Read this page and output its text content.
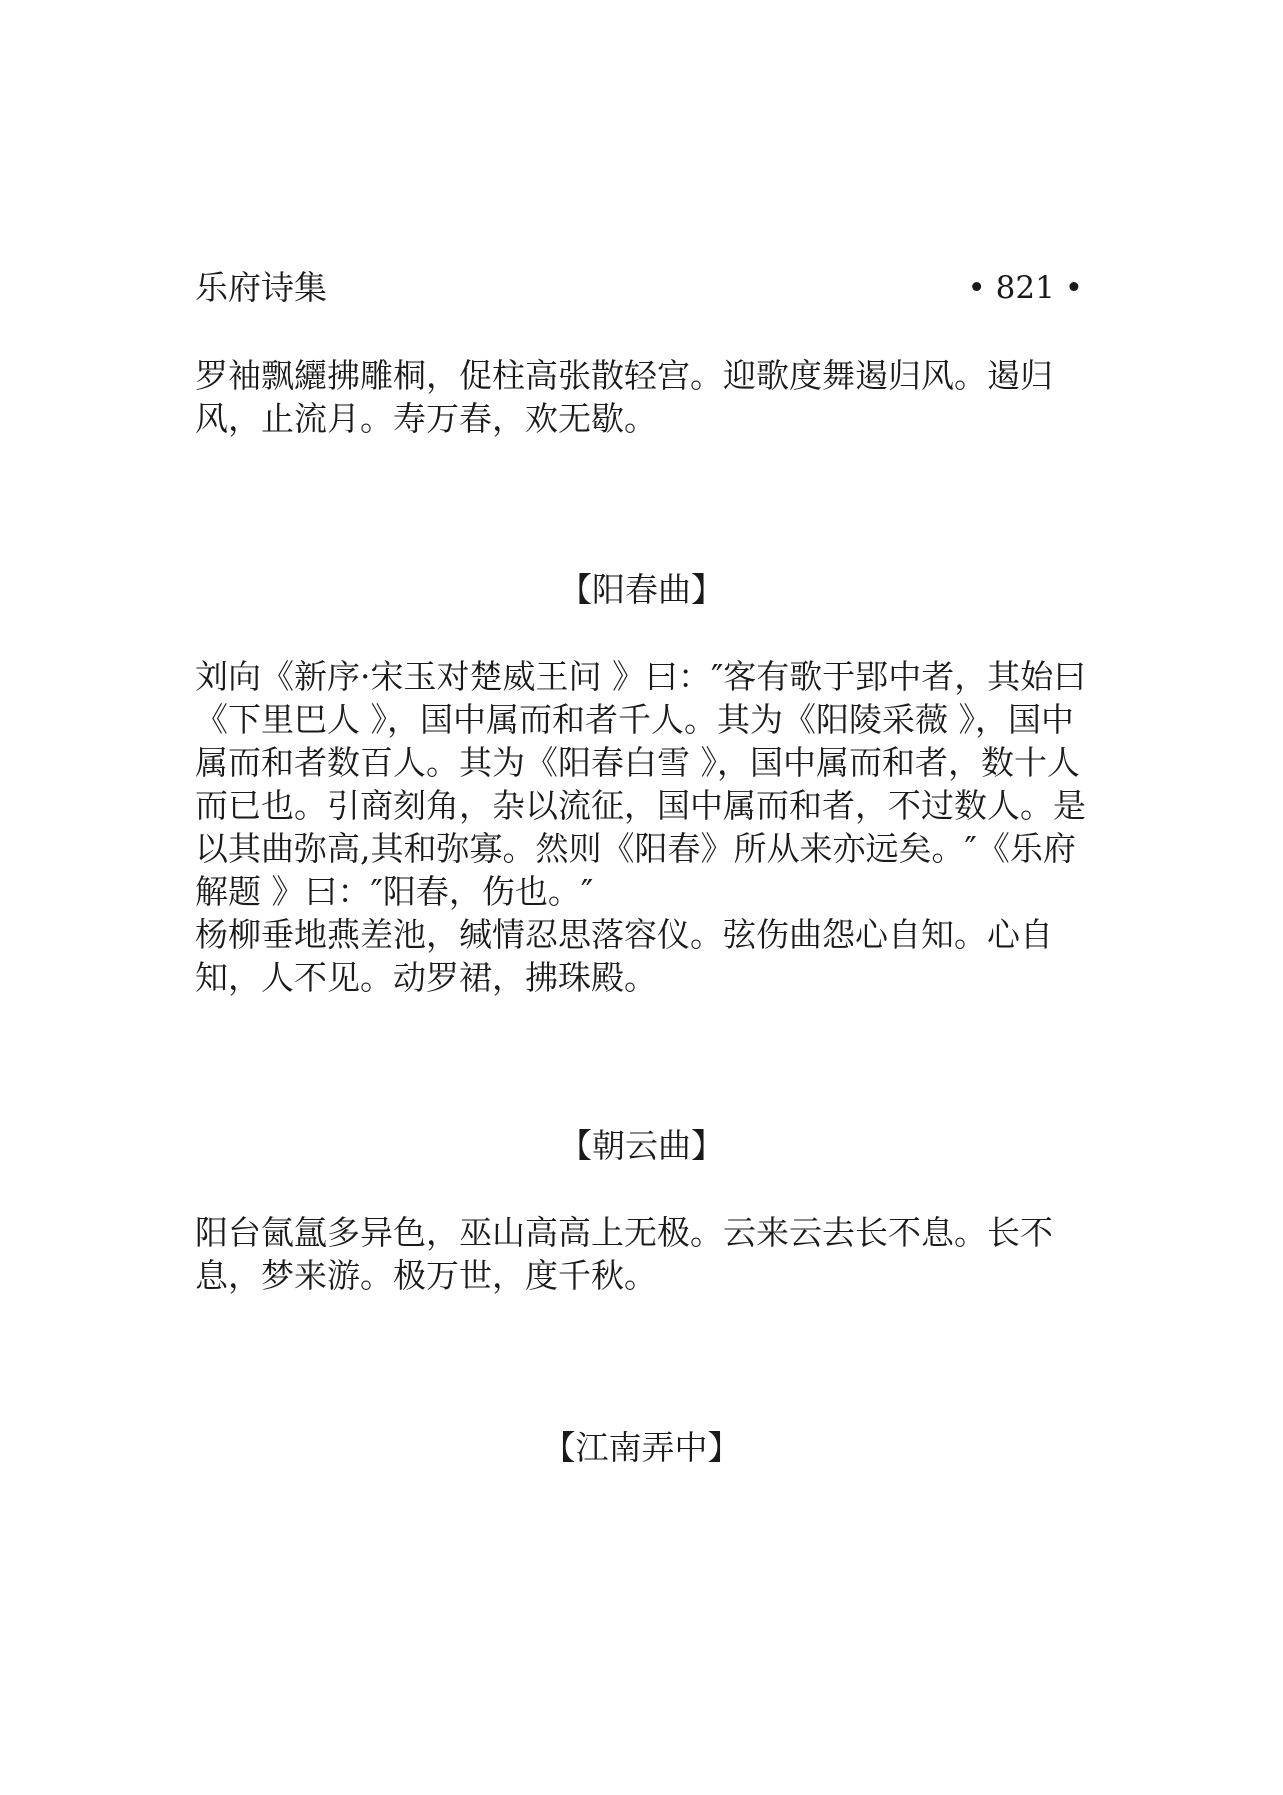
乐府诗集	• 821 •

罗袖飘纚拂雕桐，促柱高张散轻宫。迎歌度舞遏归风。遏归风，止流月。寿万春，欢无歇。

【阳春曲】

刘向《新序·宋玉对楚威王问 》曰：″客有歌于郢中者，其始曰《下里巴人 》，国中属而和者千人。其为《阳陵采薇 》，国中属而和者数百人。其为《阳春白雪 》，国中属而和者，数十人而已也。引商刻角，杂以流征，国中属而和者，不过数人。是以其曲弥高,其和弥寡。然则《阳春》所从来亦远矣。″《乐府解题 》曰：″阳春，伤也。″

杨柳垂地燕差池，缄情忍思落容仪。弦伤曲怨心自知。心自知，人不见。动罗裙，拂珠殿。

【朝云曲】

阳台氤氲多异色，巫山高高上无极。云来云去长不息。长不息，梦来游。极万世，度千秋。

【江南弄中】
